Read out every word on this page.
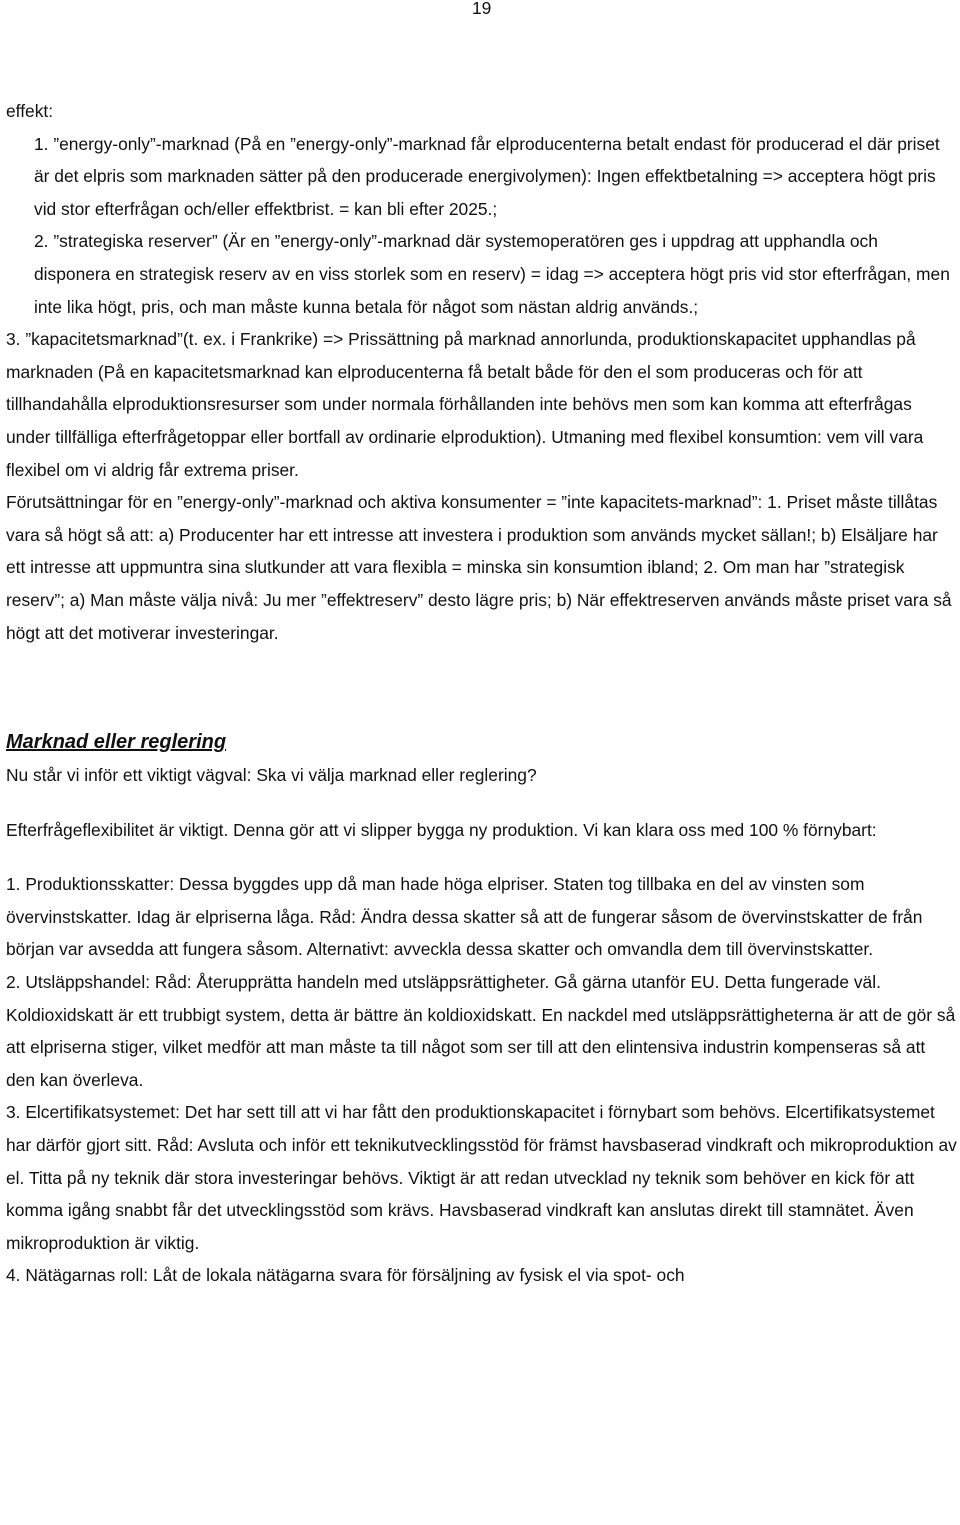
19

effekt:

1. ”energy-only”-marknad (På en ”energy-only”-marknad får elproducenterna betalt endast för producerad el där priset är det elpris som marknaden sätter på den producerade energivolymen): Ingen effektbetalning => acceptera högt pris vid stor efterfrågan och/eller effektbrist. = kan bli efter 2025.;

2. ”strategiska reserver” (Är en ”energy-only”-marknad där systemoperatören ges i uppdrag att upphandla och disponera en strategisk reserv av en viss storlek som en reserv) = idag => acceptera högt pris vid stor efterfrågan, men inte lika högt, pris, och man måste kunna betala för något som nästan aldrig används.;

3. ”kapacitetsmarknad”(t. ex. i Frankrike) => Prissättning på marknad annorlunda, produktionskapacitet upphandlas på marknaden (På en kapacitetsmarknad kan elproducenterna få betalt både för den el som produceras och för att tillhandahålla elproduktionsresurser som under normala förhållanden inte behövs men som kan komma att efterfrågas under tillfälliga efterfrågetoppar eller bortfall av ordinarie elproduktion). Utmaning med flexibel konsumtion: vem vill vara flexibel om vi aldrig får extrema priser.

Förutsättningar för en ”energy-only”-marknad och aktiva konsumenter = ”inte kapacitets-marknad”: 1. Priset måste tillåtas vara så högt så att: a) Producenter har ett intresse att investera i produktion som används mycket sällan!; b) Elsäljare har ett intresse att uppmuntra sina slutkunder att vara flexibla = minska sin konsumtion ibland; 2. Om man har ”strategisk reserv”; a) Man måste välja nivå: Ju mer ”effektreserv” desto lägre pris; b) När effektreserven används måste priset vara så högt att det motiverar investeringar.

Marknad eller reglering

Nu står vi inför ett viktigt vägval: Ska vi välja marknad eller reglering?

Efterfrågeflexibilitet är viktigt. Denna gör att vi slipper bygga ny produktion. Vi kan klara oss med 100 % förnybart:

1. Produktionsskatter: Dessa byggdes upp då man hade höga elpriser. Staten tog tillbaka en del av vinsten som övervinstskatter. Idag är elpriserna låga. Råd: Ändra dessa skatter så att de fungerar såsom de övervinstskatter de från början var avsedda att fungera såsom. Alternativt: avveckla dessa skatter och omvandla dem till övervinstskatter.

2. Utsläppshandel: Råd: Återupprätta handeln med utsläppsrättigheter. Gå gärna utanför EU. Detta fungerade väl. Koldioxidskatt är ett trubbigt system, detta är bättre än koldioxidskatt. En nackdel med utsläppsrättigheterna är att de gör så att elpriserna stiger, vilket medför att man måste ta till något som ser till att den elintensiva industrin kompenseras så att den kan överleva.

3. Elcertifikatsystemet: Det har sett till att vi har fått den produktionskapacitet i förnybart som behövs. Elcertifikatsystemet har därför gjort sitt. Råd: Avsluta och inför ett teknikutvecklingsstöd för främst havsbaserad vindkraft och mikroproduktion av el. Titta på ny teknik där stora investeringar behövs. Viktigt är att redan utvecklad ny teknik som behöver en kick för att komma igång snabbt får det utvecklingsstöd som krävs. Havsbaserad vindkraft kan anslutas direkt till stamnätet. Även mikroproduktion är viktig.

4. Nätägarnas roll: Låt de lokala nätägarna svara för försäljning av fysisk el via spot- och
